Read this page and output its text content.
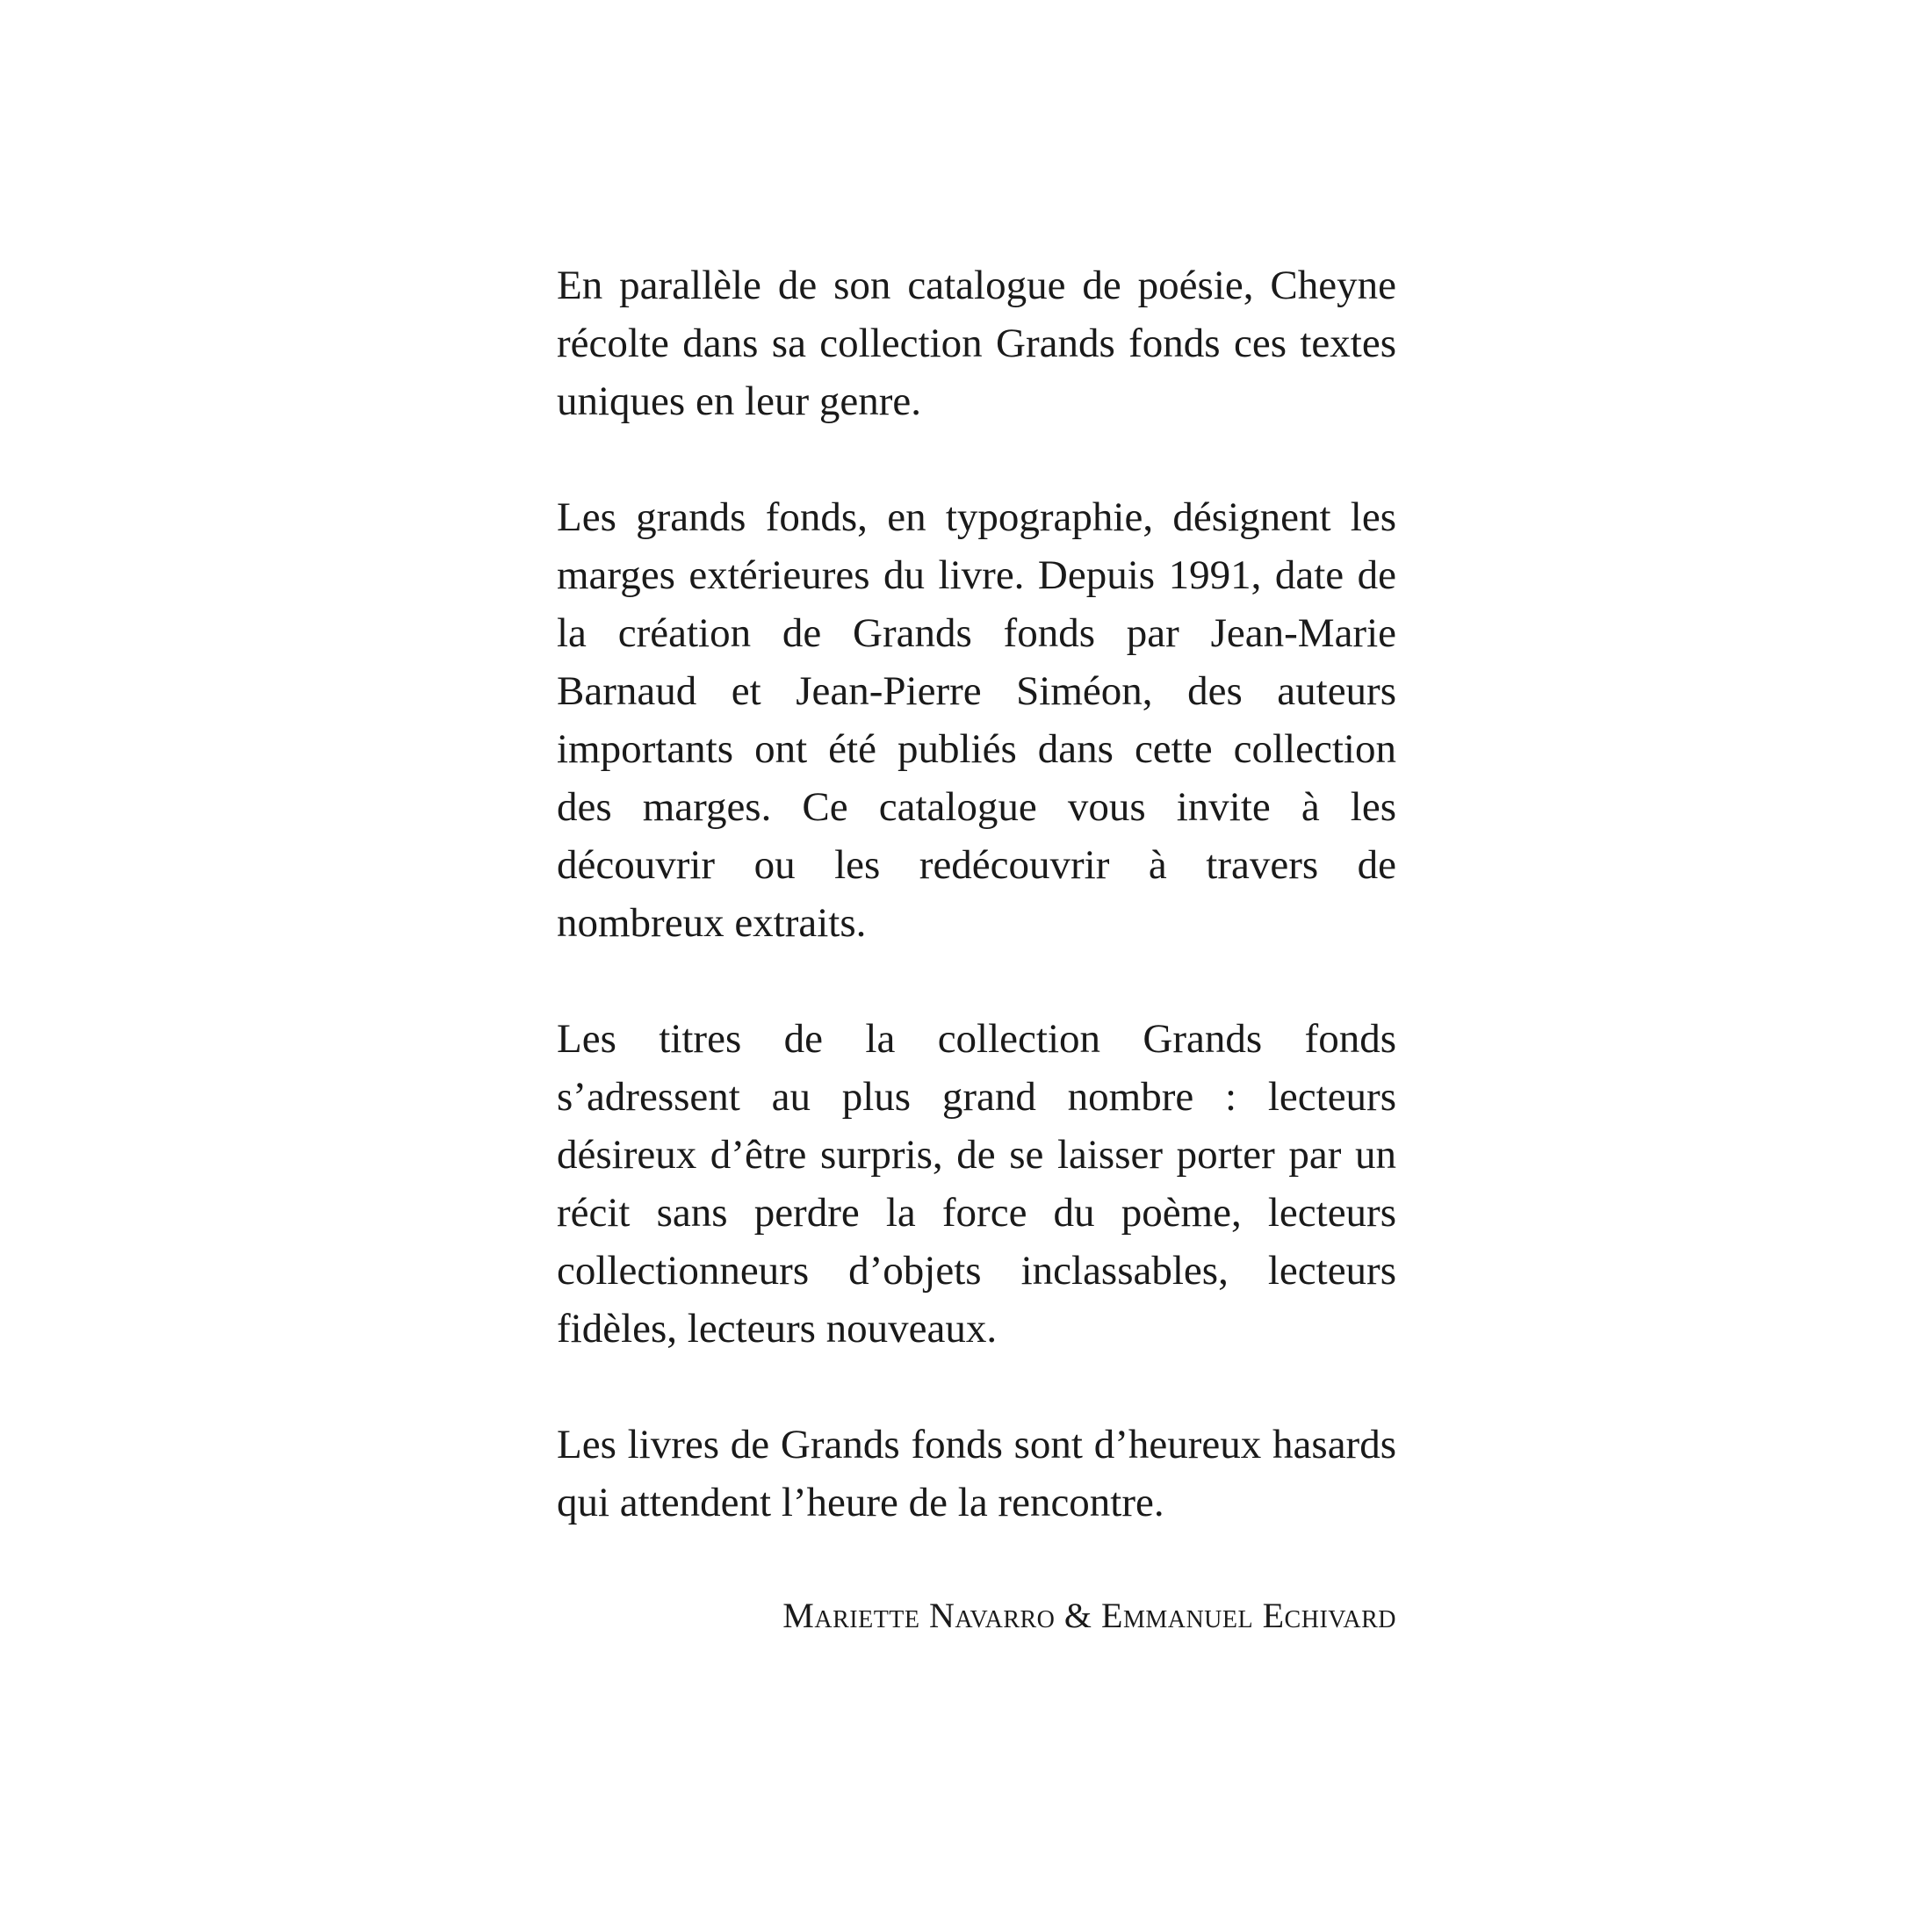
En parallèle de son catalogue de poésie, Cheyne récolte dans sa collection Grands fonds ces textes uniques en leur genre.

Les grands fonds, en typographie, désignent les marges extérieures du livre. Depuis 1991, date de la création de Grands fonds par Jean-Marie Barnaud et Jean-Pierre Siméon, des auteurs importants ont été publiés dans cette collection des marges. Ce catalogue vous invite à les découvrir ou les redécouvrir à travers de nombreux extraits.

Les titres de la collection Grands fonds s’adressent au plus grand nombre : lecteurs désireux d’être surpris, de se laisser porter par un récit sans perdre la force du poème, lecteurs collectionneurs d’objets inclassables, lecteurs fidèles, lecteurs nouveaux.

Les livres de Grands fonds sont d’heureux hasards qui attendent l’heure de la rencontre.

Mariette Navarro & Emmanuel Echivard
